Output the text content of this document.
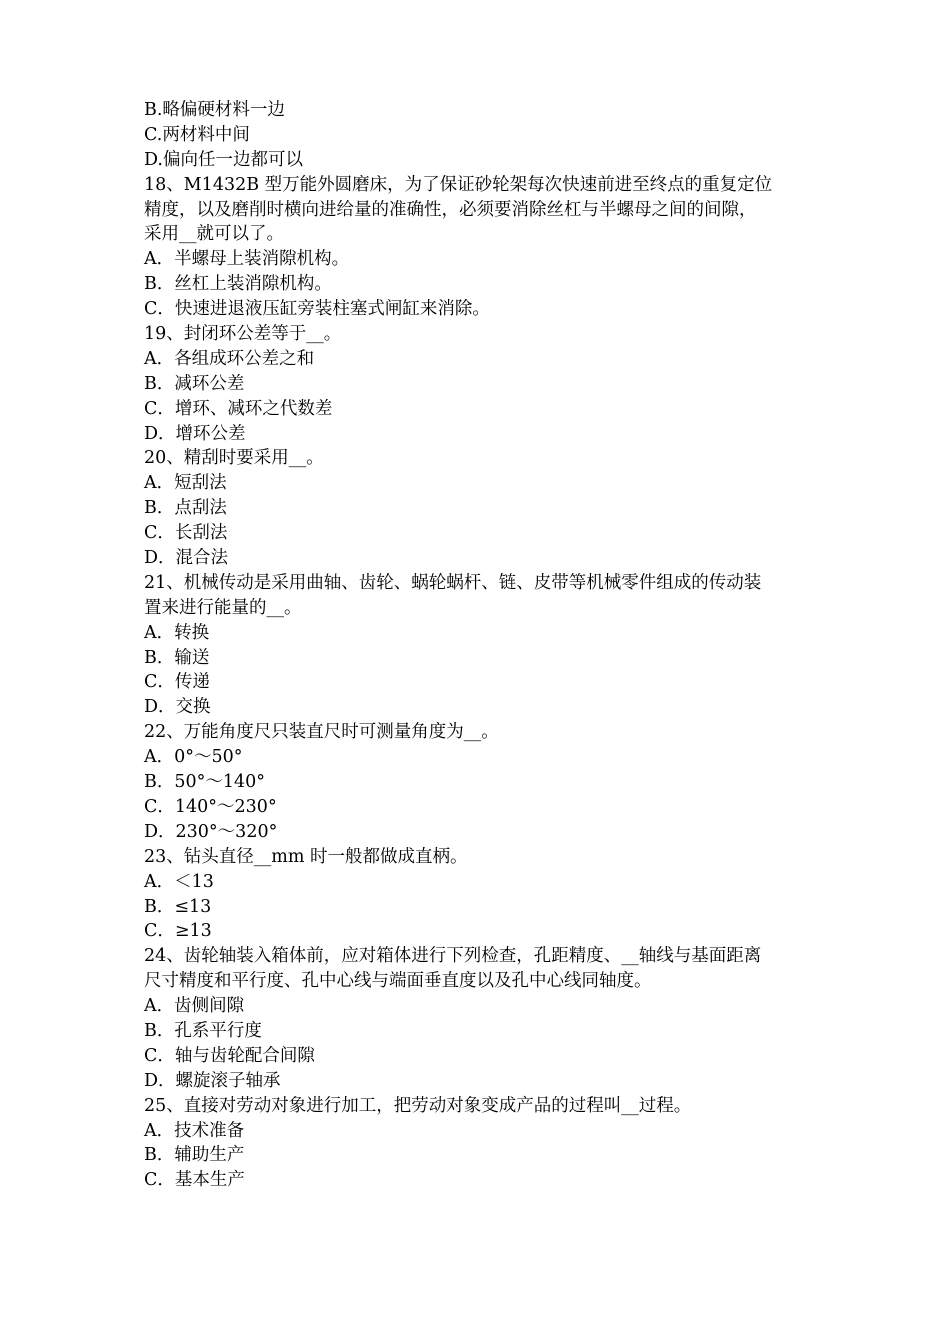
B.略偏硬材料一边
C.两材料中间
D.偏向任一边都可以
18、M1432B 型万能外圆磨床，为了保证砂轮架每次快速前进至终点的重复定位
精度，以及磨削时横向进给量的准确性，必须要消除丝杠与半螺母之间的间隙，
采用__就可以了。
A．半螺母上装消隙机构。
B．丝杠上装消隙机构。
C．快速进退液压缸旁装柱塞式闸缸来消除。
19、封闭环公差等于__。
A．各组成环公差之和
B．减环公差
C．增环、减环之代数差
D．增环公差
20、精刮时要采用__。
A．短刮法
B．点刮法
C．长刮法
D．混合法
21、机械传动是采用曲轴、齿轮、蜗轮蜗杆、链、皮带等机械零件组成的传动装
置来进行能量的__。
A．转换
B．输送
C．传递
D．交换
22、万能角度尺只装直尺时可测量角度为__。
A．0°～50°
B．50°～140°
C．140°～230°
D．230°～320°
23、钻头直径__mm 时一般都做成直柄。
A．＜13
B．≤13
C．≥13
24、齿轮轴装入箱体前，应对箱体进行下列检查，孔距精度、__轴线与基面距离
尺寸精度和平行度、孔中心线与端面垂直度以及孔中心线同轴度。
A．齿侧间隙
B．孔系平行度
C．轴与齿轮配合间隙
D．螺旋滚子轴承
25、直接对劳动对象进行加工，把劳动对象变成产品的过程叫__过程。
A．技术准备
B．辅助生产
C．基本生产
